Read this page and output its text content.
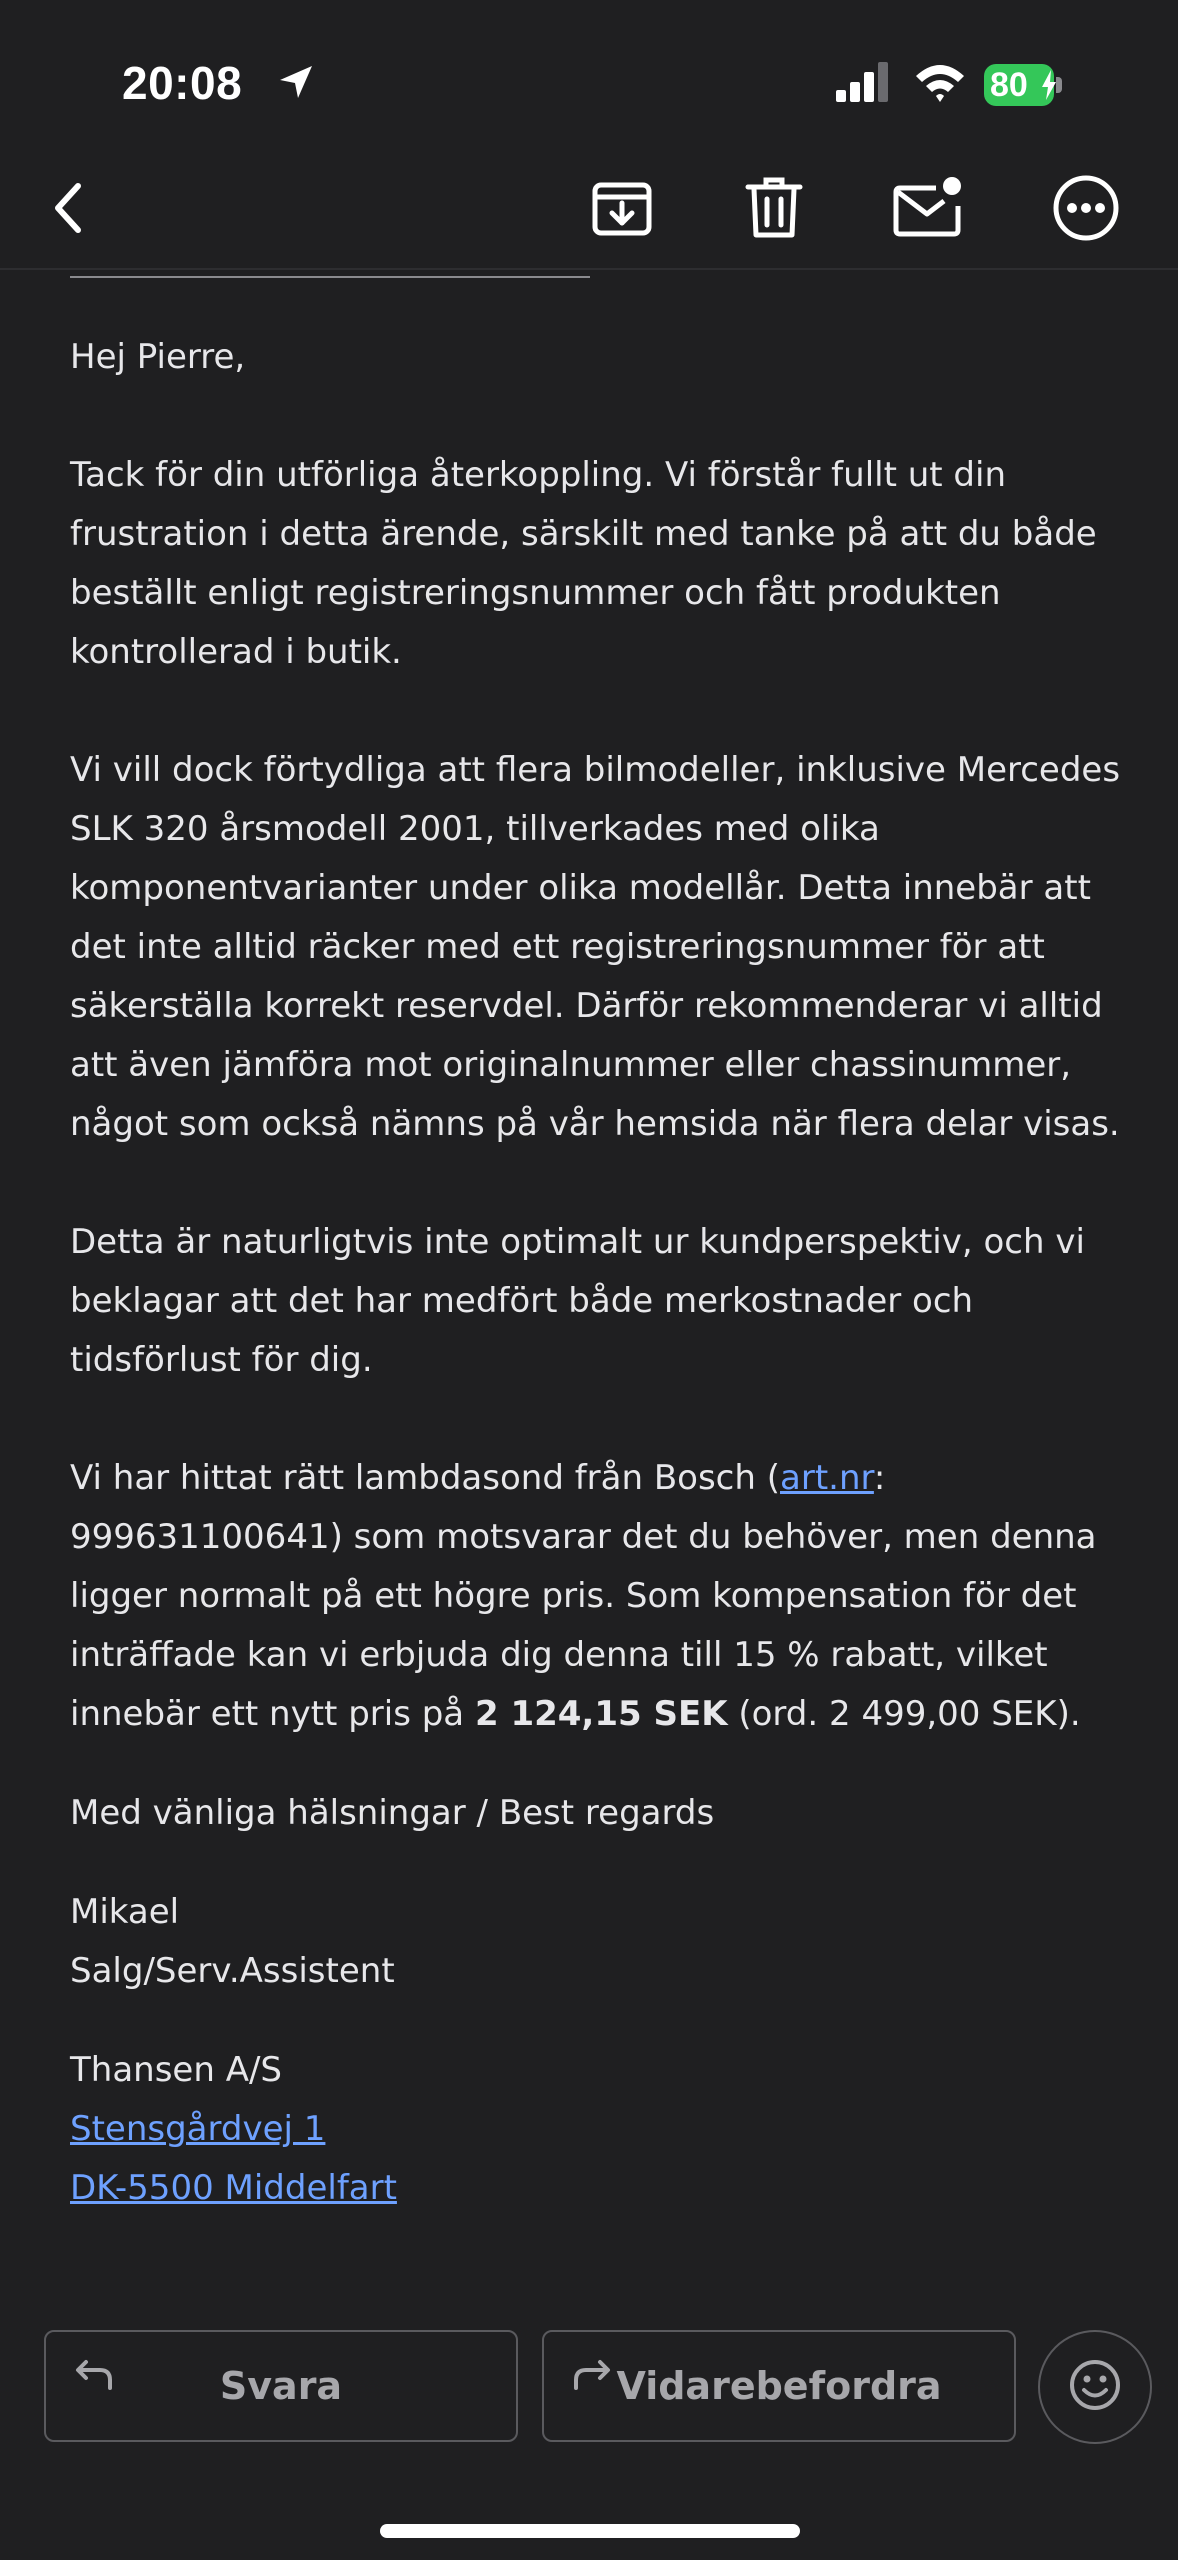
20:08	80

Hej Pierre,

Tack för din utförliga återkoppling. Vi förstår fullt ut din frustration i detta ärende, särskilt med tanke på att du både beställt enligt registreringsnummer och fått produkten kontrollerad i butik.

Vi vill dock förtydliga att flera bilmodeller, inklusive Mercedes SLK 320 årsmodell 2001, tillverkades med olika komponentvarianter under olika modellår. Detta innebär att det inte alltid räcker med ett registreringsnummer för att säkerställa korrekt reservdel. Därför rekommenderar vi alltid att även jämföra mot originalnummer eller chassinummer, något som också nämns på vår hemsida när flera delar visas.

Detta är naturligtvis inte optimalt ur kundperspektiv, och vi beklagar att det har medfört både merkostnader och tidsförlust för dig.

Vi har hittat rätt lambdasond från Bosch (art.nr: 999631100641) som motsvarar det du behöver, men denna ligger normalt på ett högre pris. Som kompensation för det inträffade kan vi erbjuda dig denna till 15 % rabatt, vilket innebär ett nytt pris på 2 124,15 SEK (ord. 2 499,00 SEK).

Med vänliga hälsningar / Best regards

Mikael
Salg/Serv.Assistent

Thansen A/S
Stensgårdvej 1
DK-5500 Middelfart

Svara	Vidarebefordra
